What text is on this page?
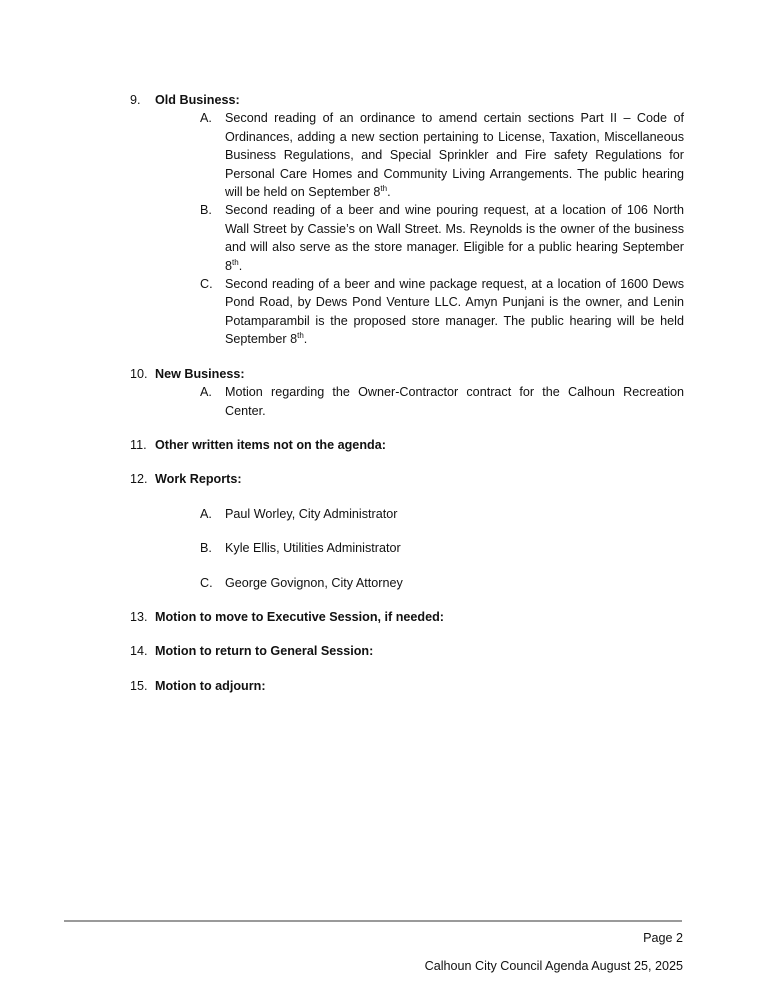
9.	Old Business:
A. Second reading of an ordinance to amend certain sections Part II – Code of Ordinances, adding a new section pertaining to License, Taxation, Miscellaneous Business Regulations, and Special Sprinkler and Fire safety Regulations for Personal Care Homes and Community Living Arrangements. The public hearing will be held on September 8th.
B. Second reading of a beer and wine pouring request, at a location of 106 North Wall Street by Cassie’s on Wall Street. Ms. Reynolds is the owner of the business and will also serve as the store manager. Eligible for a public hearing September 8th.
C. Second reading of a beer and wine package request, at a location of 1600 Dews Pond Road, by Dews Pond Venture LLC. Amyn Punjani is the owner, and Lenin Potamparambil is the proposed store manager. The public hearing will be held September 8th.
10. New Business:
A. Motion regarding the Owner-Contractor contract for the Calhoun Recreation Center.
11. Other written items not on the agenda:
12. Work Reports:
A. Paul Worley, City Administrator
B. Kyle Ellis, Utilities Administrator
C. George Govignon, City Attorney
13. Motion to move to Executive Session, if needed:
14. Motion to return to General Session:
15. Motion to adjourn:
Page 2
Calhoun City Council Agenda August 25, 2025
